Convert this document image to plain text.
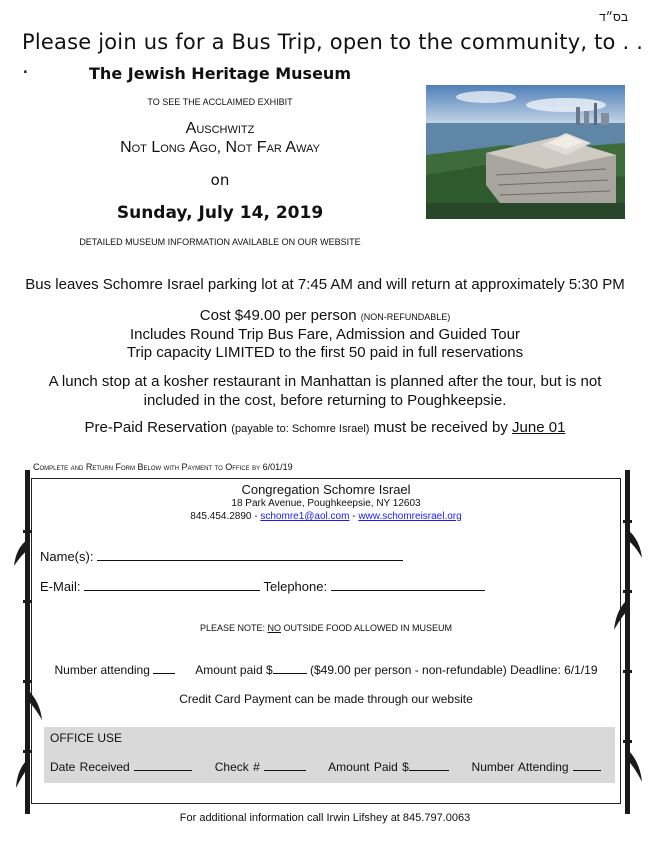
בס״ד
Please join us for a Bus Trip, open to the community, to . . .	The Jewish Heritage Museum
TO SEE THE ACCLAIMED EXHIBIT
Auschwitz
Not Long Ago, Not Far Away
on
Sunday, July 14, 2019
DETAILED MUSEUM INFORMATION AVAILABLE ON OUR WEBSITE
Bus leaves Schomre Israel parking lot at 7:45 AM and will return at approximately 5:30 PM
Cost $49.00 per person (NON-REFUNDABLE)
Includes Round Trip Bus Fare, Admission and Guided Tour
Trip capacity LIMITED to the first 50 paid in full reservations
A lunch stop at a kosher restaurant in Manhattan is planned after the tour, but is not
included in the cost, before returning to Poughkeepsie.
Pre-Paid Reservation (payable to: Schomre Israel) must be received by June 01
Complete and Return Form Below with Payment to Office by 6/01/19
Congregation Schomre Israel
18 Park Avenue, Poughkeepsie, NY 12603
845.454.2890 - schomre1@aol.com - www.schomreisrael.org
Name(s):
E-Mail:	Telephone:
PLEASE NOTE: NO OUTSIDE FOOD ALLOWED IN MUSEUM
Number attending	Amount paid $	($49.00 per person - non-refundable) Deadline: 6/1/19
Credit Card Payment can be made through our website
OFFICE USE
Date Received	Check #	Amount Paid $	Number Attending
For additional information call Irwin Lifshey at 845.797.0063
